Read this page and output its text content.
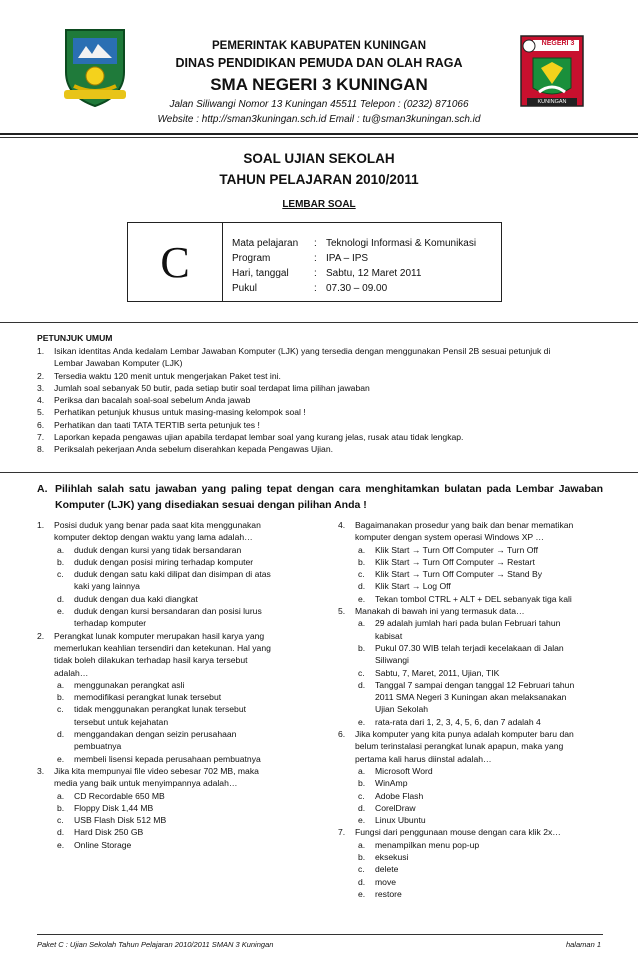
NEGERI 3
KUNINGAN
PEMERINTAK KABUPATEN KUNINGAN
DINAS PENDIDIKAN PEMUDA DAN OLAH RAGA
SMA NEGERI 3 KUNINGAN
Jalan Siliwangi Nomor 13 Kuningan 45511 Telepon : (0232) 871066
Website : http://sman3kuningan.sch.id Email : tu@sman3kuningan.sch.id
SOAL UJIAN SEKOLAH
TAHUN PELAJARAN 2010/2011
LEMBAR SOAL
C	Mata pelajaran : Teknologi Informasi & Komunikasi
Program	: IPA – IPS
Hari, tanggal	: Sabtu, 12 Maret 2011
Pukul	: 07.30 – 09.00
PETUNJUK UMUM
1. Isikan identitas Anda kedalam Lembar Jawaban Komputer (LJK) yang tersedia dengan menggunakan Pensil 2B sesuai petunjuk di
Lembar Jawaban Komputer (LJK)
2. Tersedia waktu 120 menit untuk mengerjakan Paket test ini.
3. Jumlah soal sebanyak 50 butir, pada setiap butir soal terdapat lima pilihan jawaban
4. Periksa dan bacalah soal-soal sebelum Anda jawab
5. Perhatikan petunjuk khusus untuk masing-masing kelompok soal !
6. Perhatikan dan taati TATA TERTIB serta petunjuk tes !
7. Laporkan kepada pengawas ujian apabila terdapat lembar soal yang kurang jelas, rusak atau tidak lengkap.
8. Periksalah pekerjaan Anda sebelum diserahkan kepada Pengawas Ujian.
A. Pilihlah salah satu jawaban yang paling tepat dengan cara menghitamkan bulatan pada Lembar Jawaban
Komputer (LJK) yang disediakan sesuai dengan pilihan Anda !
1. Posisi duduk yang benar pada saat kita menggunakan
komputer dektop dengan waktu yang lama adalah…
a. duduk dengan kursi yang tidak bersandaran
b. duduk dengan posisi miring terhadap komputer
c. duduk dengan satu kaki dilipat dan disimpan di atas
kaki yang lainnya
d. duduk dengan dua kaki diangkat
e. duduk dengan kursi bersandaran dan posisi lurus
terhadap komputer
2. Perangkat lunak komputer merupakan hasil karya yang
memerlukan keahlian tersendiri dan ketekunan. Hal yang
tidak boleh dilakukan terhadap hasil karya tersebut
adalah…
a. menggunakan perangkat asli
b. memodifikasi perangkat lunak tersebut
c. tidak menggunakan perangkat lunak tersebut
tersebut untuk kejahatan
d. menggandakan dengan seizin perusahaan
pembuatnya
e. membeli lisensi kepada perusahaan pembuatnya
3. Jika kita mempunyai file video sebesar 702 MB, maka
media yang baik untuk menyimpannya adalah…
a. CD Recordable 650 MB
b. Floppy Disk 1,44 MB
c. USB Flash Disk 512 MB
d. Hard Disk 250 GB
e. Online Storage
4. Bagaimanakan prosedur yang baik dan benar mematikan
komputer dengan system operasi Windows XP …
a. Klik Start → Turn Off Computer → Turn Off
b. Klik Start → Turn Off Computer → Restart
c. Klik Start → Turn Off Computer → Stand By
d. Klik Start → Log Off
e. Tekan tombol CTRL + ALT + DEL sebanyak tiga kali
5. Manakah di bawah ini yang termasuk data…
a. 29 adalah jumlah hari pada bulan Februari tahun
kabisat
b. Pukul 07.30 WIB telah terjadi kecelakaan di Jalan
Siliwangi
c. Sabtu, 7, Maret, 2011, Ujian, TIK
d. Tanggal 7 sampai dengan tanggal 12 Februari tahun
2011 SMA Negeri 3 Kuningan akan melaksanakan
Ujian Sekolah
e. rata-rata dari 1, 2, 3, 4, 5, 6, dan 7 adalah 4
6. Jika komputer yang kita punya adalah komputer baru dan
belum terinstalasi perangkat lunak apapun, maka yang
pertama kali harus diinstal adalah…
a. Microsoft Word
b. WinAmp
c. Adobe Flash
d. CorelDraw
e. Linux Ubuntu
7. Fungsi dari penggunaan mouse dengan cara klik 2x…
a. menampilkan menu pop-up
b. eksekusi
c. delete
d. move
e. restore
Paket C : Ujian Sekolah Tahun Pelajaran 2010/2011 SMAN 3 Kuningan	halaman 1
